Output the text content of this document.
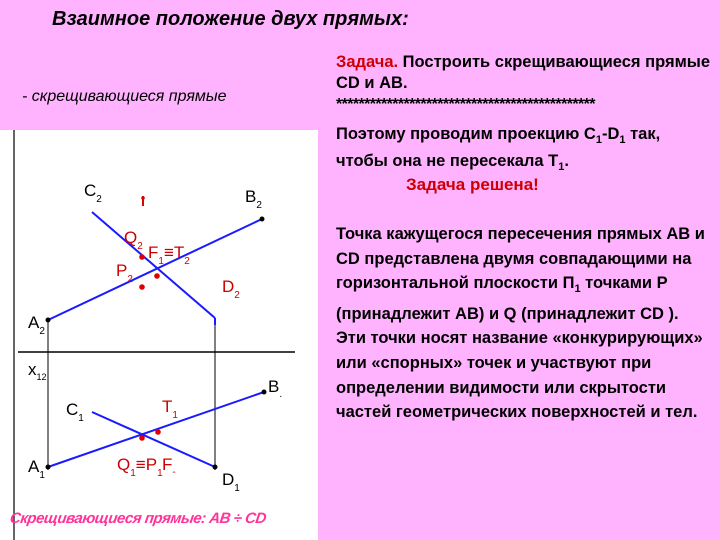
Взаимное положение двух прямых:
- скрещивающиеся прямые
$C_2$	$B_2$
$A_2$
$x_{12}$	$B_.$
$C_1$
$A_1$	$D_1$
$Q_2$ $F_1\equiv T_2$
$P_2$	$D_2$
$T_1$
$Q_1\equiv P_1$ $F_-$
Скрещивающиеся прямые: AB ÷ CD
Задача. Построить скрещивающиеся прямые CD и AB.
**********************************************
Поэтому проводим проекцию $C_1-D_1$ так, чтобы она не пересекала $T_1$.
Задача решена!
Точка кажущегося пересечения прямых AB и CD представлена двумя совпадающими на горизонтальной плоскости $П_1$ точками P (принадлежит AB) и Q (принадлежит CD ). Эти точки носят название «конкурирующих» или «спорных» точек и участвуют при определении видимости или скрытости частей геометрических поверхностей и тел.
